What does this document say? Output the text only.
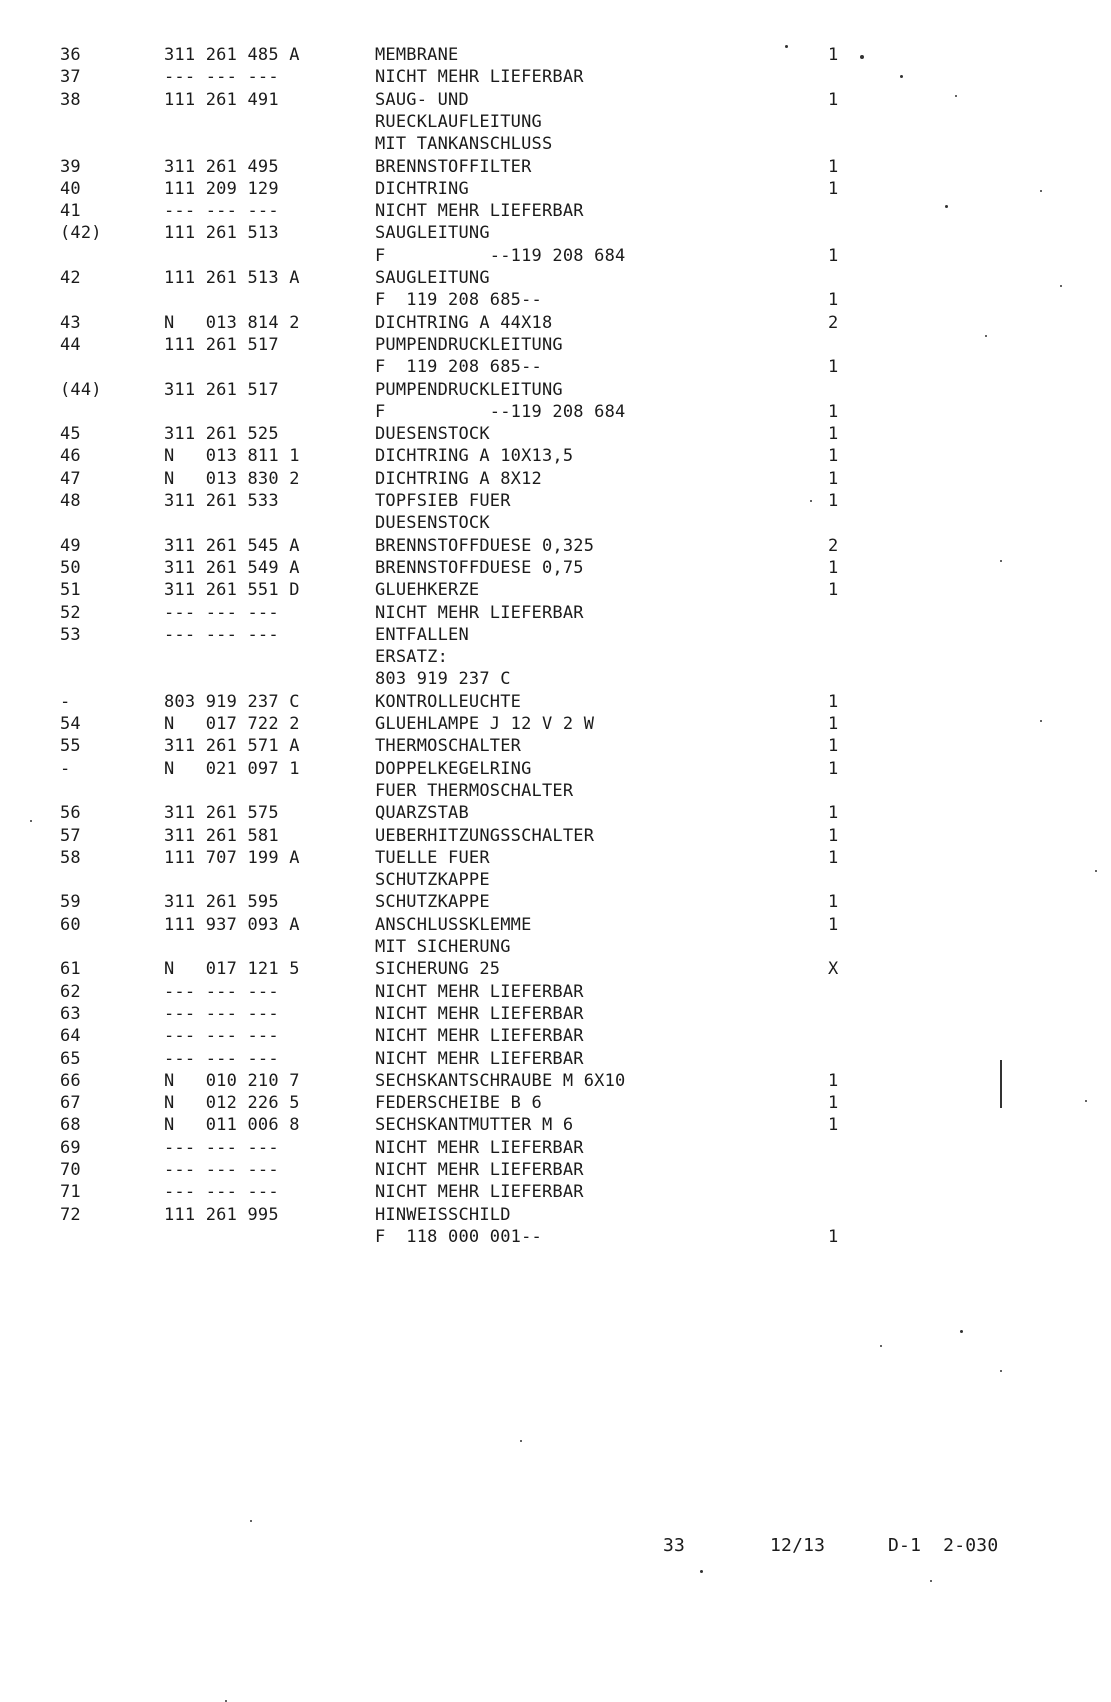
36	311 261 485 A	MEMBRANE	1
37	--- --- ---	NICHT MEHR LIEFERBAR
38	111 261 491	SAUG- UND	1
RUECKLAUFLEITUNG
MIT TANKANSCHLUSS
39	311 261 495	BRENNSTOFFILTER	1
40	111 209 129	DICHTRING	1
41	--- --- ---	NICHT MEHR LIEFERBAR
(42)	111 261 513	SAUGLEITUNG
F          --119 208 684	1
42	111 261 513 A	SAUGLEITUNG
F  119 208 685--	1
43	N   013 814 2	DICHTRING A 44X18	2
44	111 261 517	PUMPENDRUCKLEITUNG
F  119 208 685--	1
(44)	311 261 517	PUMPENDRUCKLEITUNG
F          --119 208 684	1
45	311 261 525	DUESENSTOCK	1
46	N   013 811 1	DICHTRING A 10X13,5	1
47	N   013 830 2	DICHTRING A 8X12	1
48	311 261 533	TOPFSIEB FUER	1
DUESENSTOCK
49	311 261 545 A	BRENNSTOFFDUESE 0,325	2
50	311 261 549 A	BRENNSTOFFDUESE 0,75	1
51	311 261 551 D	GLUEHKERZE	1
52	--- --- ---	NICHT MEHR LIEFERBAR
53	--- --- ---	ENTFALLEN
ERSATZ:
803 919 237 C
-	803 919 237 C	KONTROLLEUCHTE	1
54	N   017 722 2	GLUEHLAMPE J 12 V 2 W	1
55	311 261 571 A	THERMOSCHALTER	1
-	N   021 097 1	DOPPELKEGELRING	1
FUER THERMOSCHALTER
56	311 261 575	QUARZSTAB	1
57	311 261 581	UEBERHITZUNGSSCHALTER	1
58	111 707 199 A	TUELLE FUER	1
SCHUTZKAPPE
59	311 261 595	SCHUTZKAPPE	1
60	111 937 093 A	ANSCHLUSSKLEMME	1
MIT SICHERUNG
61	N   017 121 5	SICHERUNG 25	X
62	--- --- ---	NICHT MEHR LIEFERBAR
63	--- --- ---	NICHT MEHR LIEFERBAR
64	--- --- ---	NICHT MEHR LIEFERBAR
65	--- --- ---	NICHT MEHR LIEFERBAR
66	N   010 210 7	SECHSKANTSCHRAUBE M 6X10	1
67	N   012 226 5	FEDERSCHEIBE B 6	1
68	N   011 006 8	SECHSKANTMUTTER M 6	1
69	--- --- ---	NICHT MEHR LIEFERBAR
70	--- --- ---	NICHT MEHR LIEFERBAR
71	--- --- ---	NICHT MEHR LIEFERBAR
72	111 261 995	HINWEISSCHILD
F  118 000 001--	1

33

	12/13

	D-1  2-030
